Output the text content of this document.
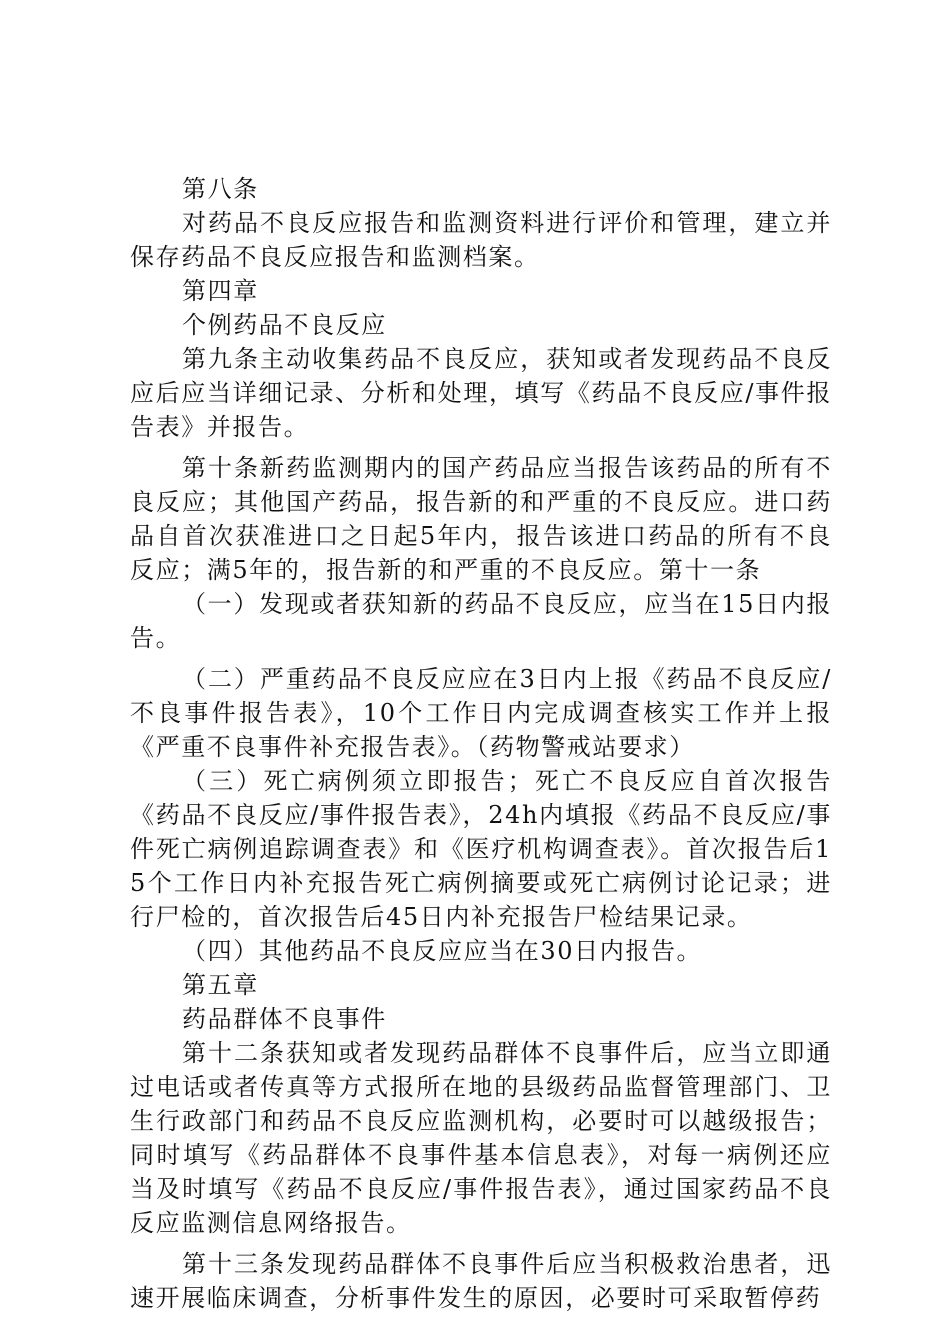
第八条

对药品不良反应报告和监测资料进行评价和管理，建立并保存药品不良反应报告和监测档案。

第四章

个例药品不良反应

第九条主动收集药品不良反应，获知或者发现药品不良反应后应当详细记录、分析和处理，填写《药品不良反应/事件报告表》并报告。

第十条新药监测期内的国产药品应当报告该药品的所有不良反应；其他国产药品，报告新的和严重的不良反应。进口药品自首次获准进口之日起5年内，报告该进口药品的所有不良反应；满5年的，报告新的和严重的不良反应。第十一条

（一）发现或者获知新的药品不良反应，应当在15日内报告。

（二）严重药品不良反应应在3日内上报《药品不良反应/不良事件报告表》，10个工作日内完成调查核实工作并上报《严重不良事件补充报告表》。（药物警戒站要求）

（三）死亡病例须立即报告；死亡不良反应自首次报告《药品不良反应/事件报告表》，24h内填报《药品不良反应/事件死亡病例追踪调查表》和《医疗机构调查表》。首次报告后15个工作日内补充报告死亡病例摘要或死亡病例讨论记录；进行尸检的，首次报告后45日内补充报告尸检结果记录。

（四）其他药品不良反应应当在30日内报告。

第五章

药品群体不良事件

第十二条获知或者发现药品群体不良事件后，应当立即通过电话或者传真等方式报所在地的县级药品监督管理部门、卫生行政部门和药品不良反应监测机构，必要时可以越级报告；同时填写《药品群体不良事件基本信息表》，对每一病例还应当及时填写《药品不良反应/事件报告表》，通过国家药品不良反应监测信息网络报告。

第十三条发现药品群体不良事件后应当积极救治患者，迅速开展临床调查，分析事件发生的原因，必要时可采取暂停药
